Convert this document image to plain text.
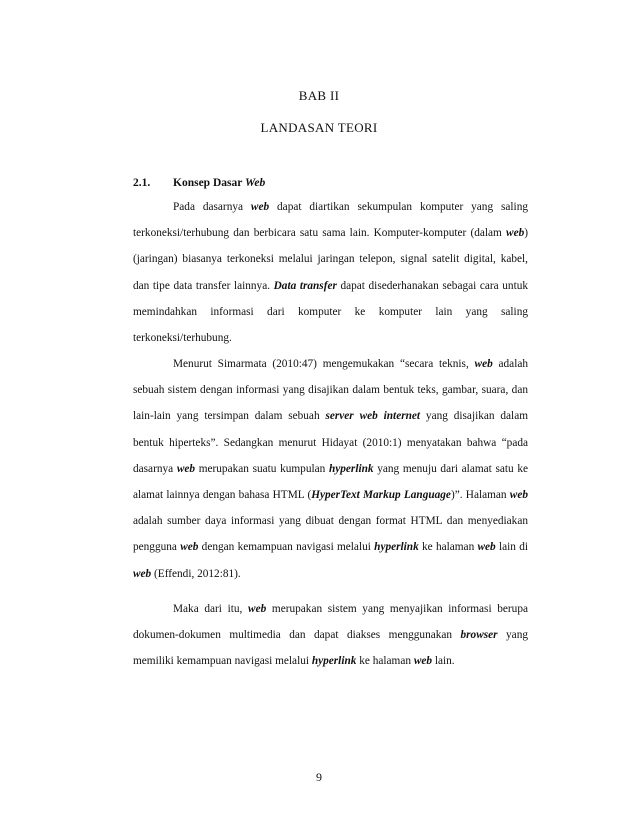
BAB II
LANDASAN TEORI
2.1. Konsep Dasar Web

Pada dasarnya web dapat diartikan sekumpulan komputer yang saling terkoneksi/terhubung dan berbicara satu sama lain. Komputer-komputer (dalam web)(jaringan) biasanya terkoneksi melalui jaringan telepon, signal satelit digital, kabel, dan tipe data transfer lainnya. Data transfer dapat disederhanakan sebagai cara untuk memindahkan informasi dari komputer ke komputer lain yang saling terkoneksi/terhubung.

Menurut Simarmata (2010:47) mengemukakan “secara teknis, web adalah sebuah sistem dengan informasi yang disajikan dalam bentuk teks, gambar, suara, dan lain-lain yang tersimpan dalam sebuah server web internet yang disajikan dalam bentuk hiperteks”. Sedangkan menurut Hidayat (2010:1) menyatakan bahwa “pada dasarnya web merupakan suatu kumpulan hyperlink yang menuju dari alamat satu ke alamat lainnya dengan bahasa HTML (HyperText Markup Language)”. Halaman web adalah sumber daya informasi yang dibuat dengan format HTML dan menyediakan pengguna web dengan kemampuan navigasi melalui hyperlink ke halaman web lain di web (Effendi, 2012:81).

Maka dari itu, web merupakan sistem yang menyajikan informasi berupa dokumen-dokumen multimedia dan dapat diakses menggunakan browser yang memiliki kemampuan navigasi melalui hyperlink ke halaman web lain.

9
